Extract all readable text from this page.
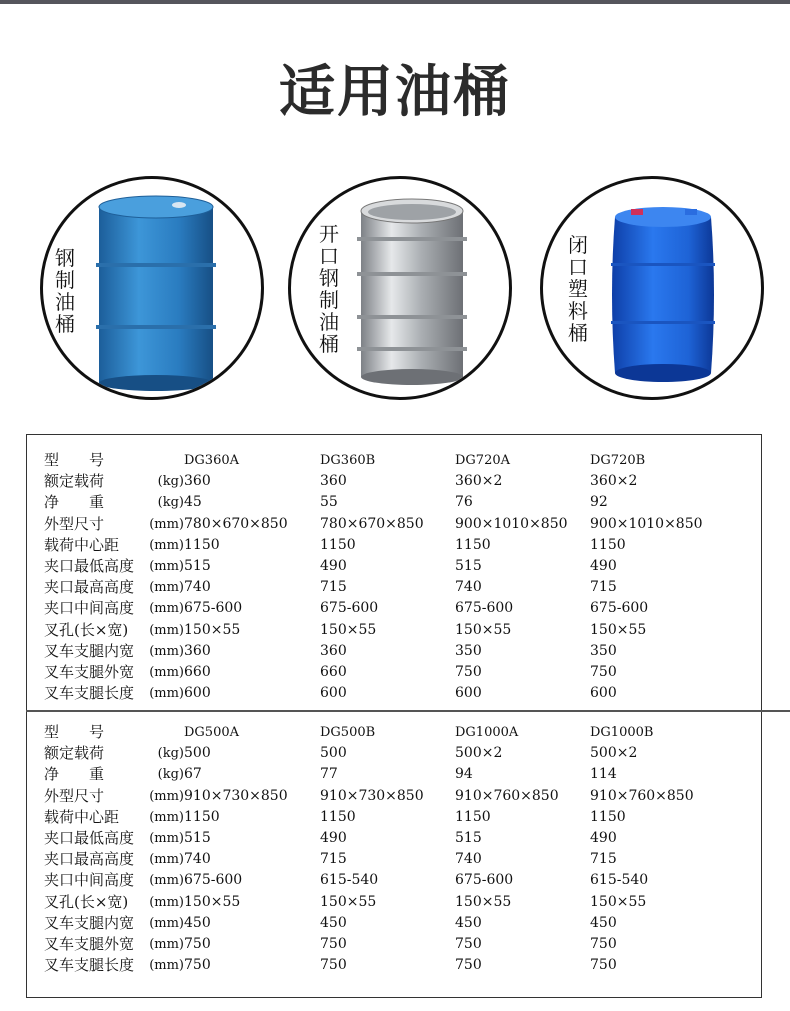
适用油桶
钢
制
油
桶
开
口
钢
制
油
桶
闭
口
塑
料
桶
型　　号	DG360A	DG360B	DG720A	DG720B
额定载荷	(kg) 360	360	360×2	360×2
净　　重	(kg) 45	55	76	92
外型尺寸	(mm) 780×670×850 780×670×850 900×1010×850 900×1010×850
载荷中心距	(mm) 1150	1150	1150	1150
夹口最低高度	(mm) 515	490	515	490
夹口最高高度	(mm) 740	715	740	715
夹口中间高度	(mm) 675-600	675-600	675-600	675-600
叉孔(长×宽)	(mm) 150×55	150×55	150×55	150×55
叉车支腿内宽	(mm) 360	360	350	350
叉车支腿外宽	(mm) 660	660	750	750
叉车支腿长度	(mm) 600	600	600	600
型　　号	DG500A	DG500B	DG1000A	DG1000B
额定载荷	(kg) 500	500	500×2	500×2
净　　重	(kg) 67	77	94	114
外型尺寸	(mm) 910×730×850 910×730×850 910×760×850 910×760×850
载荷中心距	(mm) 1150	1150	1150	1150
夹口最低高度	(mm) 515	490	515	490
夹口最高高度	(mm) 740	715	740	715
夹口中间高度	(mm) 675-600	615-540	675-600	615-540
叉孔(长×宽)	(mm) 150×55	150×55	150×55	150×55
叉车支腿内宽	(mm) 450	450	450	450
叉车支腿外宽	(mm) 750	750	750	750
叉车支腿长度	(mm) 750	750	750	750
